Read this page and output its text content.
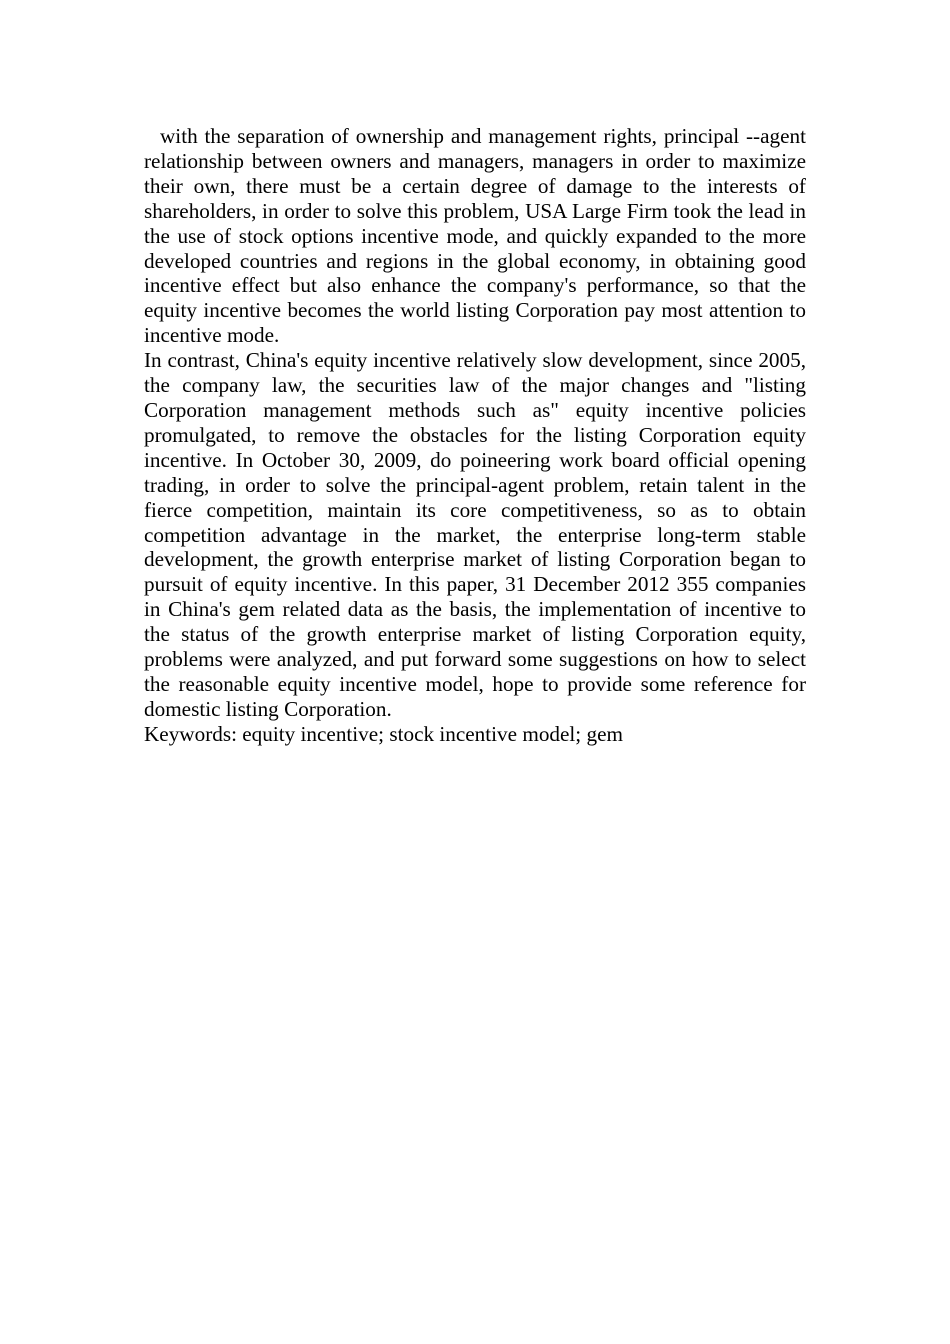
with the separation of ownership and management rights, principal --agent relationship between owners and managers, managers in order to maximize their own, there must be a certain degree of damage to the interests of shareholders, in order to solve this problem, USA Large Firm took the lead in the use of stock options incentive mode, and quickly expanded to the more developed countries and regions in the global economy, in obtaining good incentive effect but also enhance the company's performance, so that the equity incentive becomes the world listing Corporation pay most attention to incentive mode.

In contrast, China's equity incentive relatively slow development, since 2005, the company law, the securities law of the major changes and "listing Corporation management methods such as" equity incentive policies promulgated, to remove the obstacles for the listing Corporation equity incentive. In October 30, 2009, do poineering work board official opening trading, in order to solve the principal-agent problem, retain talent in the fierce competition, maintain its core competitiveness, so as to obtain competition advantage in the market, the enterprise long-term stable development, the growth enterprise market of listing Corporation began to pursuit of equity incentive. In this paper, 31 December 2012 355 companies in China's gem related data as the basis, the implementation of incentive to the status of the growth enterprise market of listing Corporation equity, problems were analyzed, and put forward some suggestions on how to select the reasonable equity incentive model, hope to provide some reference for domestic listing Corporation.

Keywords: equity incentive; stock incentive model; gem
